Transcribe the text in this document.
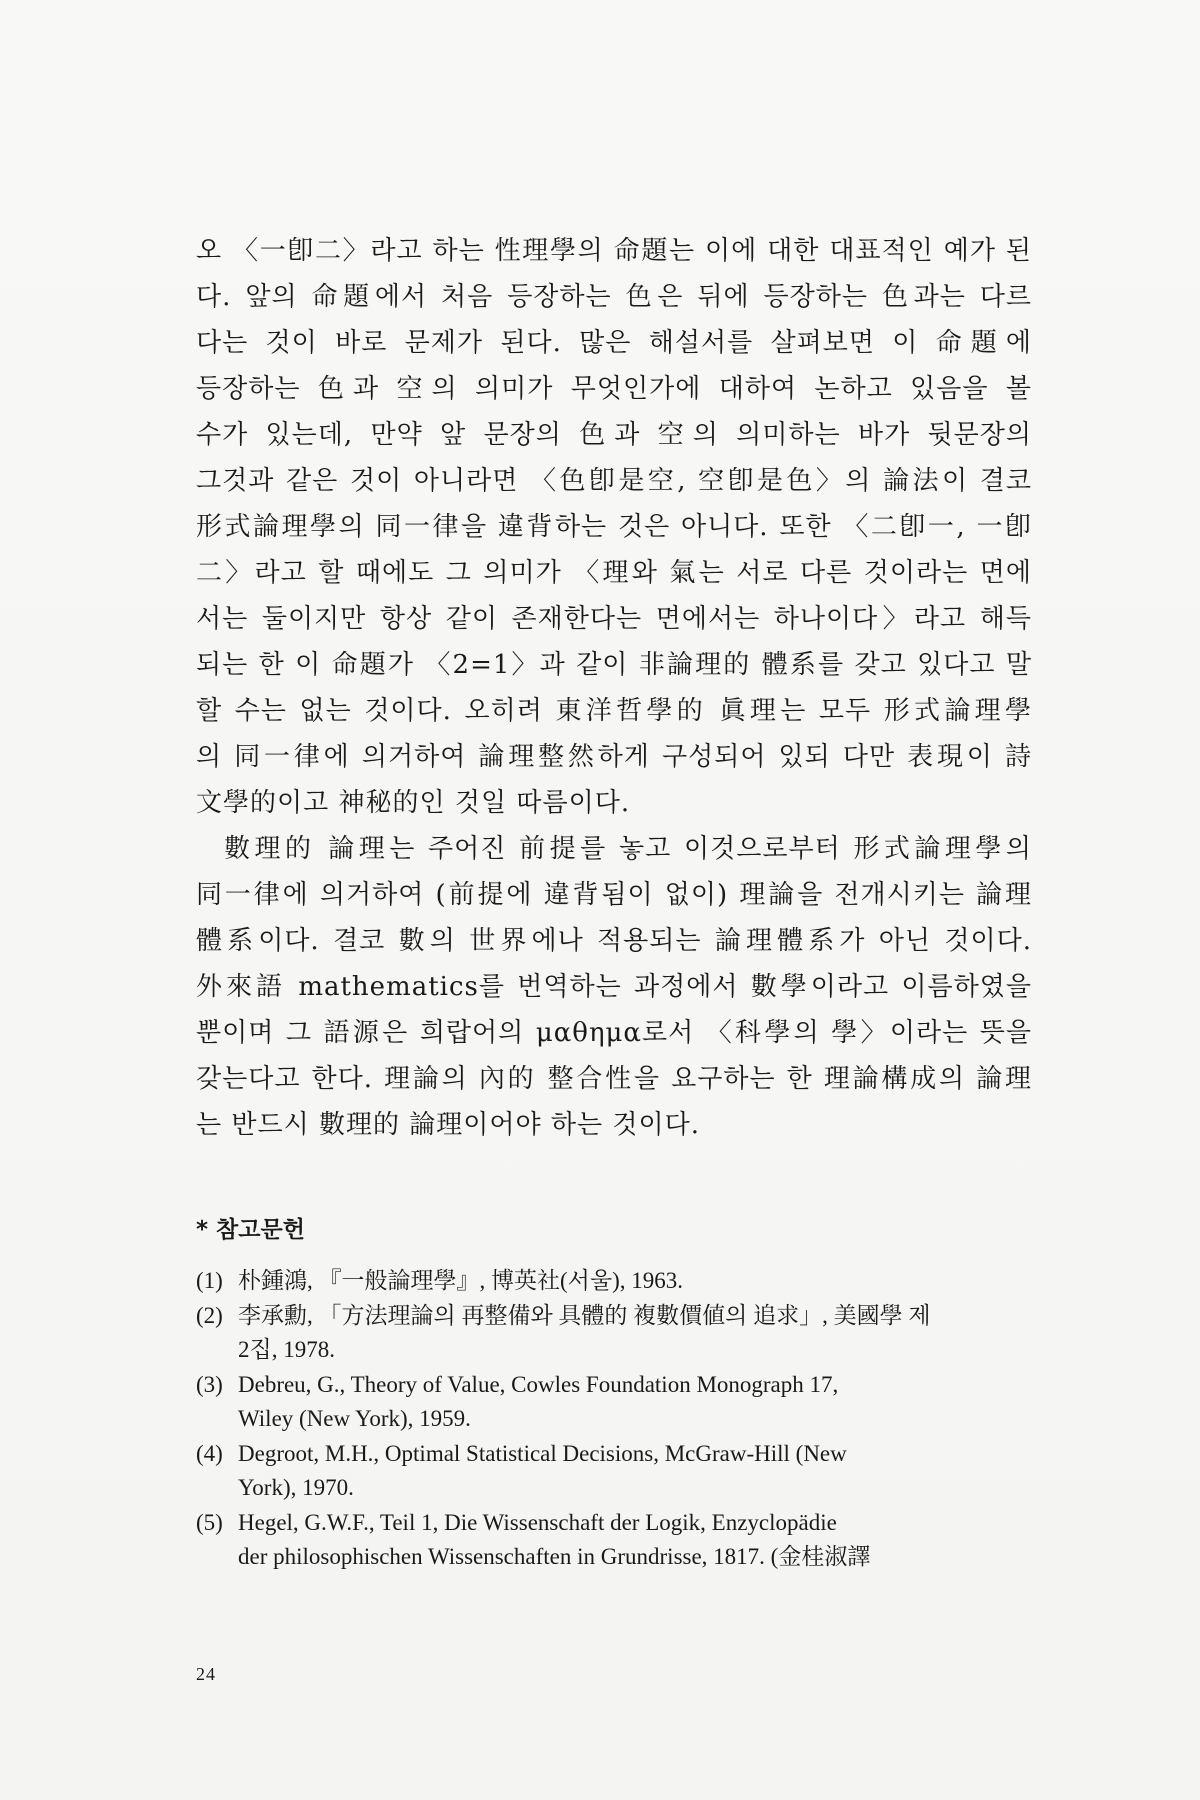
오 〈一卽二〉라고 하는 性理學의 命題는 이에 대한 대표적인 예가 된
다. 앞의 命題에서 처음 등장하는 色은 뒤에 등장하는 色과는 다르
다는 것이 바로 문제가 된다. 많은 해설서를 살펴보면 이 命題에
등장하는 色과 空의 의미가 무엇인가에 대하여 논하고 있음을 볼
수가 있는데, 만약 앞 문장의 色과 空의 의미하는 바가 뒷문장의
그것과 같은 것이 아니라면 〈色卽是空, 空卽是色〉의 論法이 결코
形式論理學의 同一律을 違背하는 것은 아니다. 또한 〈二卽一, 一卽
二〉라고 할 때에도 그 의미가 〈理와 氣는 서로 다른 것이라는 면에
서는 둘이지만 항상 같이 존재한다는 면에서는 하나이다〉라고 해득
되는 한 이 命題가 〈2=1〉과 같이 非論理的 體系를 갖고 있다고 말
할 수는 없는 것이다. 오히려 東洋哲學的 眞理는 모두 形式論理學
의 同一律에 의거하여 論理整然하게 구성되어 있되 다만 表現이 詩
文學的이고 神秘的인 것일 따름이다.
數理的 論理는 주어진 前提를 놓고 이것으로부터 形式論理學의
同一律에 의거하여 (前提에 違背됨이 없이) 理論을 전개시키는 論理
體系이다. 결코 數의 世界에나 적용되는 論理體系가 아닌 것이다.
外來語 mathematics를 번역하는 과정에서 數學이라고 이름하였을
뿐이며 그 語源은 희랍어의 μαθημα로서 〈科學의 學〉이라는 뜻을
갖는다고 한다. 理論의 內的 整合性을 요구하는 한 理論構成의 論理
는 반드시 數理的 論理이어야 하는 것이다.
* 참고문헌
(1) 朴鍾鴻, 『一般論理學』, 博英社(서울), 1963.
(2) 李承勳, 「方法理論의 再整備와 具體的 複數價値의 追求」, 美國學 제
2집, 1978.
(3) Debreu, G., Theory of Value, Cowles Foundation Monograph 17,
Wiley (New York), 1959.
(4) Degroot, M.H., Optimal Statistical Decisions, McGraw-Hill (New
York), 1970.
(5) Hegel, G.W.F., Teil 1, Die Wissenschaft der Logik, Enzyclopädie
der philosophischen Wissenschaften in Grundrisse, 1817. (金桂淑譯
24
